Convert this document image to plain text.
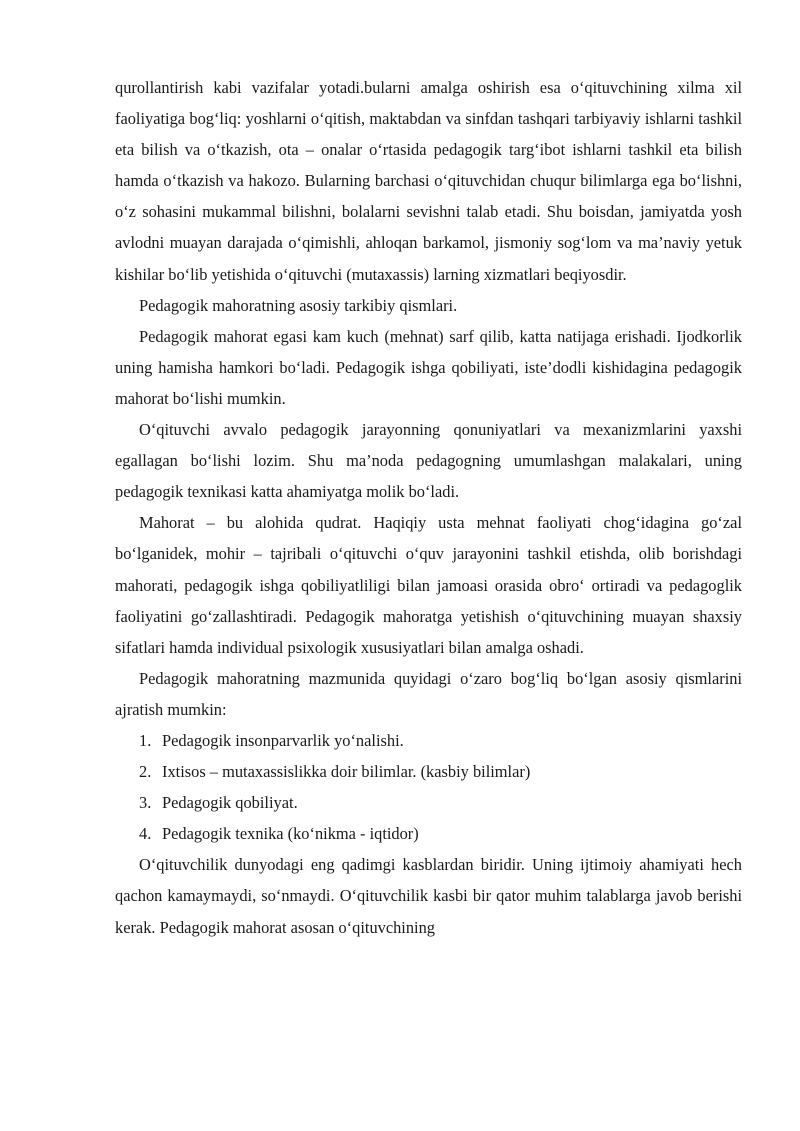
qurollantirish kabi vazifalar yotadi.bularni amalga oshirish esa o‘qituvchining xilma xil faoliyatiga bog‘liq: yoshlarni o‘qitish, maktabdan va sinfdan tashqari tarbiyaviy ishlarni tashkil eta bilish va o‘tkazish, ota – onalar o‘rtasida pedagogik targ‘ibot ishlarni tashkil eta bilish hamda o‘tkazish va hakozo. Bularning barchasi o‘qituvchidan chuqur bilimlarga ega bo‘lishni, o‘z sohasini mukammal bilishni, bolalarni sevishni talab etadi. Shu boisdan, jamiyatda yosh avlodni muayan darajada o‘qimishli, ahloqan barkamol, jismoniy sog‘lom va ma’naviy yetuk kishilar bo‘lib yetishida o‘qituvchi (mutaxassis) larning xizmatlari beqiyosdir.

Pedagogik mahoratning asosiy tarkibiy qismlari.

Pedagogik mahorat egasi kam kuch (mehnat) sarf qilib, katta natijaga erishadi. Ijodkorlik uning hamisha hamkori bo‘ladi. Pedagogik ishga qobiliyati, iste’dodli kishidagina pedagogik mahorat bo‘lishi mumkin.

O‘qituvchi avvalo pedagogik jarayonning qonuniyatlari va mexanizmlarini yaxshi egallagan bo‘lishi lozim. Shu ma’noda pedagogning umumlashgan malakalari, uning pedagogik texnikasi katta ahamiyatga molik bo‘ladi.

Mahorat – bu alohida qudrat. Haqiqiy usta mehnat faoliyati chog‘idagina go‘zal bo‘lganidek, mohir – tajribali o‘qituvchi o‘quv jarayonini tashkil etishda, olib borishdagi mahorati, pedagogik ishga qobiliyatliligi bilan jamoasi orasida obro‘ ortiradi va pedagoglik faoliyatini go‘zallashtiradi. Pedagogik mahoratga yetishish o‘qituvchining muayan shaxsiy sifatlari hamda individual psixologik xususiyatlari bilan amalga oshadi.

Pedagogik mahoratning mazmunida quyidagi o‘zaro bog‘liq bo‘lgan asosiy qismlarini ajratish mumkin:

1. Pedagogik insonparvarlik yo‘nalishi.
2. Ixtisos – mutaxassislikka doir bilimlar. (kasbiy bilimlar)
3. Pedagogik qobiliyat.
4. Pedagogik texnika (ko‘nikma - iqtidor)

O‘qituvchilik dunyodagi eng qadimgi kasblardan biridir. Uning ijtimoiy ahamiyati hech qachon kamaymaydi, so‘nmaydi. O‘qituvchilik kasbi bir qator muhim talablarga javob berishi kerak. Pedagogik mahorat asosan o‘qituvchining
